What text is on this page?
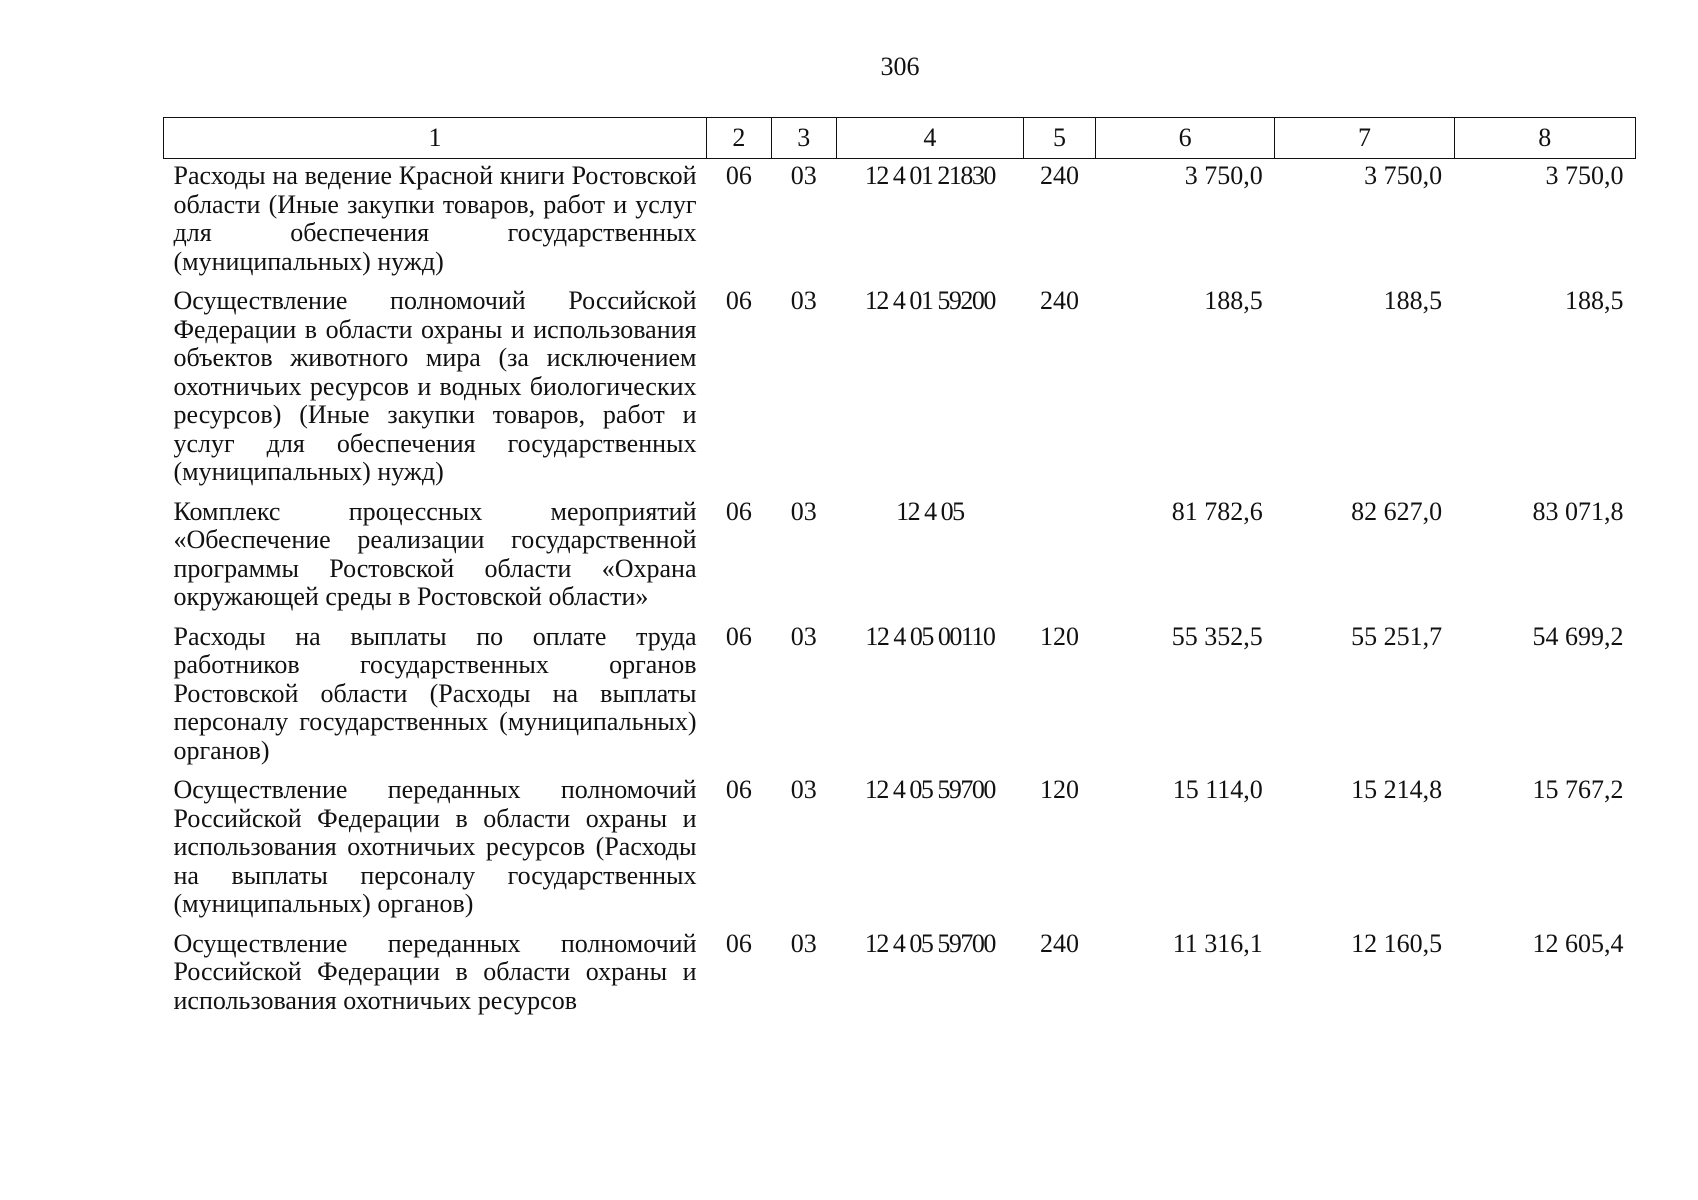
306
1	2	3	4	5	6	7	8
Расходы на ведение Красной книги Ростовской области (Иные закупки товаров, работ и услуг для обеспечения государственных (муниципальных) нужд)	06	03	12 4 01 21830	240	3 750,0	3 750,0	3 750,0
Осуществление полномочий Российской Федерации в области охраны и использования объектов животного мира (за исключением охотничьих ресурсов и водных биологических ресурсов) (Иные закупки товаров, работ и услуг для обеспечения государственных (муниципальных) нужд)	06	03	12 4 01 59200	240	188,5	188,5	188,5
Комплекс процессных мероприятий «Обеспечение реализации государственной программы Ростовской области «Охрана окружающей среды в Ростовской области»	06	03	12 4 05		81 782,6	82 627,0	83 071,8
Расходы на выплаты по оплате труда работников государственных органов Ростовской области (Расходы на выплаты персоналу государственных (муниципальных) органов)	06	03	12 4 05 00110	120	55 352,5	55 251,7	54 699,2
Осуществление переданных полномочий Российской Федерации в области охраны и использования охотничьих ресурсов (Расходы на выплаты персоналу государственных (муниципальных) органов)	06	03	12 4 05 59700	120	15 114,0	15 214,8	15 767,2
Осуществление переданных полномочий Российской Федерации в области охраны и использования охотничьих ресурсов	06	03	12 4 05 59700	240	11 316,1	12 160,5	12 605,4
